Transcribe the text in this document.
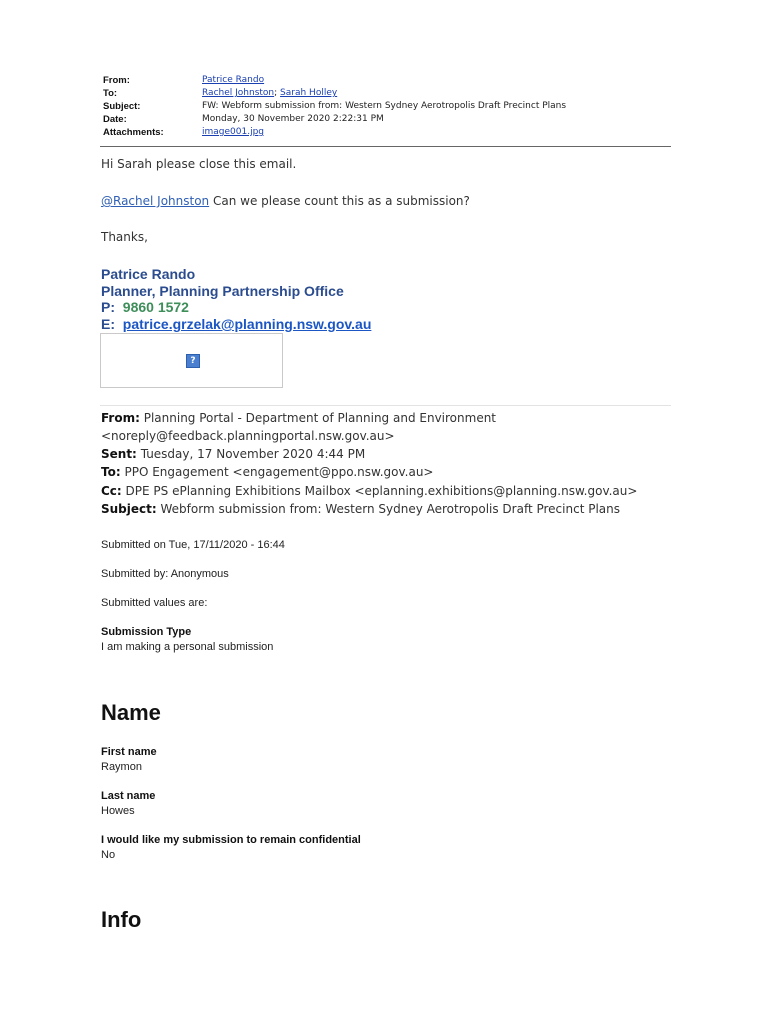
From:	Patrice Rando
To:	Rachel Johnston; Sarah Holley
Subject:	FW: Webform submission from: Western Sydney Aerotropolis Draft Precinct Plans
Date:	Monday, 30 November 2020 2:22:31 PM
Attachments:	image001.jpg
Hi Sarah please close this email.
@Rachel Johnston Can we please count this as a submission?
Thanks,
Patrice Rando
Planner, Planning Partnership Office
P: 9860 1572
E: patrice.grzelak@planning.nsw.gov.au
?
From: Planning Portal - Department of Planning and Environment
<noreply@feedback.planningportal.nsw.gov.au>
Sent: Tuesday, 17 November 2020 4:44 PM
To: PPO Engagement <engagement@ppo.nsw.gov.au>
Cc: DPE PS ePlanning Exhibitions Mailbox <eplanning.exhibitions@planning.nsw.gov.au>
Subject: Webform submission from: Western Sydney Aerotropolis Draft Precinct Plans
Submitted on Tue, 17/11/2020 - 16:44
Submitted by: Anonymous
Submitted values are:
Submission Type
I am making a personal submission
Name
First name
Raymon
Last name
Howes
I would like my submission to remain confidential
No
Info
